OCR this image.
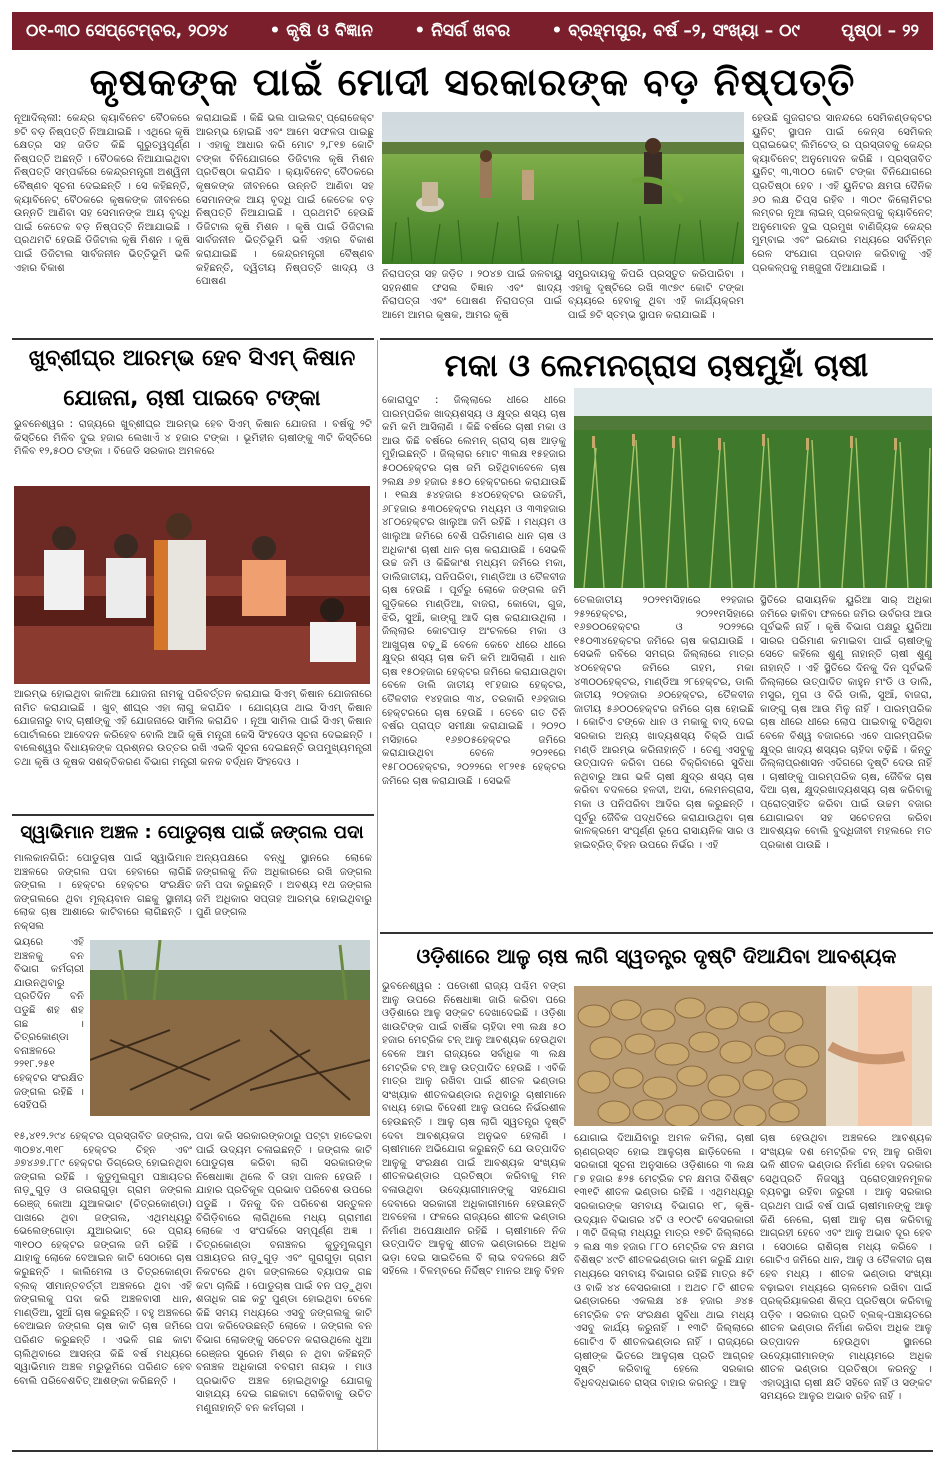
୦୧-୩୦ ସେପ୍ଟେମ୍ବର, ୨୦୨୪ • କୃଷି ଓ ବିଜ୍ଞାନ • ନିସର୍ଗ ଖବର • ବ୍ରହ୍ମପୁର, ବର୍ଷ –୨, ସଂଖ୍ୟା – ୦୯ ପୃଷ୍ଠା – ୨୨
କୃଷକଙ୍କ ପାଇଁ ମୋଦୀ ସରକାରଙ୍କ ବଡ଼ ନିଷ୍ପତ୍ତି

ନୂଆଦିଲ୍ଲୀ: କେନ୍ଦ୍ର କ୍ୟାବିନେଟ ବୈଠକରେ ୭ଟି ବଡ଼ ନିଷ୍ପତ୍ତି ନିଆଯାଇଛି । ଏଥିରେ କୃଷି କ୍ଷେତ୍ର ସହ ଜଡିତ କିଛି ଗୁରୁତ୍ୱପୂର୍ଣ୍ଣ ନିଷ୍ପତ୍ତି ଅଛନ୍ତି । ବୈଠକରେ ନିଆଯାଇଥିବା ନିଷ୍ପତ୍ତି ସମ୍ପର୍କରେ କେନ୍ଦ୍ରମନ୍ତ୍ରୀ ଅଶ୍ୱିନୀ ବୈଷ୍ଣବ ସୂଚନା ଦେଇଛନ୍ତି । ସେ କହିଛନ୍ତି, କ୍ୟାବିନେଟ୍ ବୈଠକରେ କୃଷକଙ୍କ ଜୀବନରେ ଉନ୍ନତି ଆଣିବା ସହ ସେମାନଙ୍କ ଆୟ ବୃଦ୍ଧି ପାଇଁ କେତେକ ବଡ଼ ନିଷ୍ପତ୍ତି ନିଆଯାଇଛି । ପ୍ରଥମଟି ହେଉଛି ଡିଜିଟାଲ କୃଷି ମିଶନ । କୃଷି ପାଇଁ ଡିଜିଟାଲ ସାର୍ବଜନୀନ ଭିତ୍ତିଭୂମି ଭଳି ଏହାର ବିକାଶ

କରାଯାଇଛି । କିଛି ଭଲ ପାଇଲଟ୍ ପ୍ରୋଜେକ୍ଟ ଆରମ୍ଭ ହୋଇଛି ଏବଂ ଆମେ ସଫଳତା ପାଇଛୁ । ଏହାକୁ ଆଧାର କରି ମୋଟ ୨,୮୧୭ କୋଟି ଟଙ୍କା ବିନିଯୋଗରେ ଡିଜିଟାଲ କୃଷି ମିଶନ ପ୍ରତିଷ୍ଠା କରାଯିବ । କ୍ୟାବିନେଟ୍ ବୈଠକରେ କୃଷକଙ୍କ ଜୀବନରେ ଉନ୍ନତି ଆଣିବା ସହ ସେମାନଙ୍କ ଆୟ ବୃଦ୍ଧି ପାଇଁ କେତେକ ବଡ଼ ନିଷ୍ପତ୍ତି ନିଆଯାଇଛି । ପ୍ରଥମଟି ହେଉଛି ଡିଜିଟାଲ କୃଷି ମିଶନ । କୃଷି ପାଇଁ ଡିଜିଟାଲ ସାର୍ବଜନୀନ ଭିତ୍ତିଭୂମି ଭଳି ଏହାର ବିକାଶ କରାଯାଇଛି । କେନ୍ଦ୍ରମନ୍ତ୍ରୀ ବୈଷ୍ଣବ କହିଛନ୍ତି, ଦ୍ୱିତୀୟ ନିଷ୍ପତ୍ତି ଖାଦ୍ୟ ଓ ପୋଷଣ

ନିରାପତ୍ତା ସହ ଜଡ଼ିତ । ୨୦୪୭ ପାଇଁ ଜଳବାୟୁ ସହନଶୀଳ ଫସଲ ବିଜ୍ଞାନ ଏବଂ ଖାଦ୍ୟ ନିରାପତ୍ତା ଏବଂ ପୋଷଣ ନିରାପତ୍ତା ପାଇଁ ଆମେ ଆମର କୃଷକ, ଆମର କୃଷି

ସମ୍ପ୍ରଦାୟକୁ କିପରି ପ୍ରସ୍ତୁତ କରିପାରିବା । ଏହାକୁ ଦୃଷ୍ଟିରେ ରଖି ୩୯୭୯ କୋଟି ଟଙ୍କା ବ୍ୟୟରେ ହେବାକୁ ଥିବା ଏହି କାର୍ଯ୍ୟକ୍ରମ ପାଇଁ ୭ଟି ସ୍ତମ୍ଭ ସ୍ଥାପନ କରାଯାଇଛି ।

ହେଉଛି ଗୁଜରାଟର ସାନନ୍ଦରେ ସେମିକଣ୍ଡକ୍ଟର ୟୁନିଟ୍ ସ୍ଥାପନ ପାଇଁ କେନ୍ସ ସେମିକନ୍ ପ୍ରାଇଭେଟ୍ ଲିମିଟେଡ୍ ର ପ୍ରସ୍ତାବକୁ କେନ୍ଦ୍ର କ୍ୟାବିନେଟ୍ ଅନୁମୋଦନ କରିଛି । ପ୍ରସ୍ତାବିତ ୟୁନିଟ୍ ୩,୩୦୦ କୋଟି ଟଙ୍କା ବିନିଯୋଗରେ ପ୍ରତିଷ୍ଠା ହେବ । ଏହି ୟୁନିଟର କ୍ଷମତା ଦୈନିକ ୬୦ ଲକ୍ଷ ଚିପ୍ସ ରହିବ । ୩୦୯ କିଲୋମିଟର ଲମ୍ବର ନୂଆ ଲାଇନ୍ ପ୍ରକଳ୍ପକୁ କ୍ୟାବିନେଟ୍ ଅନୁମୋଦନ ଦୁଇ ପ୍ରମୁଖ ବାଣିଜ୍ୟିକ କେନ୍ଦ୍ର ମୁମ୍ବାଇ ଏବଂ ଇନ୍ଦୋର ମଧ୍ୟରେ ସର୍ବନିମ୍ନ ରେଳ ସଂଯୋଗ ପ୍ରଦାନ କରିବାକୁ ଏହି ପ୍ରକଳ୍ପକୁ ମଞ୍ଜୁରୀ ଦିଆଯାଇଛି ।

ଖୁବ୍‌ଶୀଘ୍ର ଆରମ୍ଭ ହେବ ସିଏମ୍ କିଷାନ
ଯୋଜନା, ଚାଷୀ ପାଇବେ ଟଙ୍କା

ଭୁବନେଶ୍ୱର : ରାଜ୍ୟରେ ଖୁବ୍‌ଶୀଘ୍ର ଆରମ୍ଭ ହେବ ସିଏମ୍ କିଷାନ ଯୋଜନା । ବର୍ଷକୁ ୨ଟି କିସ୍ତିରେ ମିଳିବ ଦୁଇ ହଜାର ଲେଖାଏଁ ୪ ହଜାର ଟଙ୍କା । ଭୂମିହୀନ ଚାଷୀଙ୍କୁ ୩ଟି କିସ୍ତିରେ ମିଳିବ ୧୨,୫୦୦ ଟଙ୍କା । ବିଜେଡି ସରକାର ଅମଳରେ

ଆରମ୍ଭ ହୋଇଥିବା କାଳିଆ ଯୋଜନା ନାମକୁ ପରିବର୍ତ୍ତନ କରାଯାଇ ସିଏମ୍ କିଷାନ ଯୋଜନାରେ ନାମିତ କରାଯାଇଛି । ଖୁବ୍ ଶୀଘ୍ର ଏହା ଲାଗୁ କରାଯିବ । ଯୋଗ୍ୟତା ଥାଇ ସିଏମ୍ କିଷାନ ଯୋଜନାରୁ ବାଦ୍ ଚାଷୀଙ୍କୁ ଏହି ଯୋଜନାରେ ସାମିଲ କରାଯିବ । ନୂଆ ସାମିଲ ପାଇଁ ସିଏମ୍ କିଷାନ ପୋର୍ଟାଲରେ ଆବେଦନ କରିହେବ ବୋଲି ଆଜି କୃଷି ମନ୍ତ୍ରୀ କେସି ସିଂହଦେଓ ସୂଚନା ଦେଇଛନ୍ତି । ବାଲେଶ୍ୱର ବିଧାୟକଙ୍କ ପ୍ରଶ୍ନର ଉତ୍ତର ରଖି ଏଭଳି ସୂଚନା ଦେଇଛନ୍ତି ଉପମୁଖ୍ୟମନ୍ତ୍ରୀ ତଥା କୃଷି ଓ କୃଷକ ସଶକ୍ତିକରଣ ବିଭାଗ ମନ୍ତ୍ରୀ କନକ ବର୍ଦ୍ଧନ ସିଂହଦେଓ ।

ସ୍ୱାଭିମାନ ଅଞ୍ଚଳ : ପୋଡୁଚାଷ ପାଇଁ ଜଙ୍ଗଲ ପଦା

ମାଲକାନଗିରି: ପୋଡୁଚାଷ ପାଇଁ ସ୍ୱାଭିମାନ ଅଞ୍ଚଳରେ ଜଙ୍ଗଲ ପଦା ହେବାରେ ଲାଗିଛି ଜଙ୍ଗଲ । ହେକ୍ଟର ହେକ୍ଟର ସଂରକ୍ଷିତ ଜଙ୍ଗଲରେ ଥିବା ମୂଲ୍ୟବାନ ଗଛକୁ ସ୍ଥାନୀୟ ଲୋକ ଚାଷ ଆଶାରେ କାଟିବାରେ ଲାଗିଛନ୍ତି । ନକ୍ସଲ

ଅନ୍ୟପକ୍ଷରେ ବନ୍ଧୁ ସ୍ଥାନରେ ଲୋକେ ଜଙ୍ଗଲକୁ ନିଜ ଅଧିକାରରେ ରଖି ଜଙ୍ଗଲ ଜମି ପଦା କରୁଛନ୍ତି । ଅବଶ୍ୟ ୧ଥ ଜଙ୍ଗଲ ଜମି ଅଧିକାର ସପ୍ତାହ ଆରମ୍ଭ ହୋଇଥିବାରୁ ପୁଣି ଜଙ୍ଗଲ

ଭୟରେ ଏହି ଅଞ୍ଚଳକୁ ବନ ବିଭାଗ କର୍ମଚାରୀ ଯାଉନଥିବାରୁ ପ୍ରତିଦିନ ବନି ପଡୁଛି ଶହ ଶହ ଗଛ । ଚିତ୍ରକୋଣ୍ଡା ବନାଞ୍ଚଳରେ ୨୨୧୮.୨୫୧ ହେକ୍ଟର ସଂରକ୍ଷିତ ଜଙ୍ଗଲ ରହିଛି । ସେହିପରି

୧୫,୪୧୨.୨୯୪ ହେକ୍ଟର ପ୍ରସ୍ତାବିତ ଜଙ୍ଗଲ, ୩୦୭୪.୩୧୮ ହେକ୍ଟର ଚିହ୍ନ ଏବଂ ୬୭୪୬୭.୮୮୯ ହେକ୍ଟର ଡିଗ୍ରେଡ୍ ହୋଇନଥିବା ଜଙ୍ଗଲ ରହିଛି । କୁଡୁମୁଲଗୁମ ପଞ୍ଚାୟତର ନାଡ଼ୁଗୁଡ଼ ଓ ଗଉରାଗୁଡ଼ା ଗ୍ରାମ ଜଙ୍ଗଲ ରେଞ୍ଜ୍ କୋଆ ଯୁଆଳଭାଟ (ଚିତ୍ରକୋଣ୍ଡା) ପାଖରେ ଥିବା ଜଙ୍ଗଲ, ଏଥିମଧ୍ୟରୁ ଭେଲେଙ୍ଗୋଡ଼ା ଯୁଆରଭାଟ୍ ରେ ପ୍ରାୟ ୩୧୦୦ ହେକ୍ଟର ଜଙ୍ଗଲ ଜମି ରହିଛି । ଯାହାକୁ ଲୋକେ ବେଆଇନ କାଟି ସେଠାରେ ଚାଷ କରୁଛନ୍ତି । କାଲିମେଳା ଓ ଚିତ୍ରକୋଣ୍ଡା ବ୍ଲକ୍ ସୀମାନ୍ତବର୍ତ୍ତୀ ଅଞ୍ଚଳରେ ଥିବା ଏହି ଜଙ୍ଗଲକୁ ପଦା କରି ଅଞ୍ଚଳବାସୀ ଧାନ, ମାଣ୍ଡିଆ, ସୁଆଁ ଚାଷ କରୁଛନ୍ତି । ବହୁ ଅଞ୍ଚଳରେ ବେଆଇନ ଜଙ୍ଗଲ ଚାଷ କାଟି ଚାଷ ଜମିରେ ପରିଣତ କରୁଛନ୍ତି । ଏଭଳି ଗଛ କାଟା ଚାଲିଥିବାରେ ଆସନ୍ତା କିଛି ବର୍ଷ ମଧ୍ୟରେ ସ୍ୱାଭିମାନ ଅଞ୍ଚଳ ମରୁଭୂମିରେ ପରିଣତ ହେବ ବୋଲି ପରିବେଶବିତ୍ ଆଶଙ୍କା କରିଛନ୍ତି ।

ପଦା କରି ସରକାରଙ୍କଠାରୁ ପଟ୍ଟା ହାତେଇବା ପାଇଁ ଉଦ୍ୟମ ଚଳାଇଛନ୍ତି । ଜଙ୍ଗଲ କାଟି ପୋଡୁଚାଷ କରିବା ଲାଗି ସରକାରଙ୍କ ନିଷେଧାଜ୍ଞା ଥିଲେ ବି ତାହା ପାଳନ ହେଉନି । ଯାହାର ପ୍ରତିକୂଳ ପ୍ରଭାବ ପରିବେଶ ଉପରେ ପଡୁଛି । ଦିନକୁ ଦିନ ପରିବେଶ ସନ୍ତୁଳନ ବିଗିଡ଼ିବାରେ ଲାଗିଥିଲେ ମଧ୍ୟ ଗ୍ରାମୀଣ ଲୋକେ ଏ ସଂପର୍କରେ ସମ୍ପୂର୍ଣ୍ଣ ଅଜ୍ଞ । ଚିତ୍ରକୋଣ୍ଡା ବନାଞ୍ଚଳର କୁଡୁମୁଲଗୁମ ପଞ୍ଚାୟତର ନାଡ଼ୁଗୁଡ଼ ଏବଂ ଗୁରାଗୁଡ଼ା ଗ୍ରାମ ନିକଟରେ ଥିବା ଜଙ୍ଗଲରେ ବ୍ୟାପକ ଗଛ କଟା ଚାଲିଛି । ପୋଡୁଚାଷ ପାଇଁ ବନ ପଡ଼ୁଥିବା ଶତାଧିକ ଗଛ କଟୁ ପୁଣ୍ଡା ହୋଇଥିବା ବେଳେ କିଛି ସମୟ ମଧ୍ୟରେ ଏସବୁ ଜଙ୍ଗଲକୁ କାଟି ପଦା କରିଦେଉଛନ୍ତି ଲୋକେ । ଜଙ୍ଗଲ ବନ ବିଭାଗ ଲୋକଙ୍କୁ ସଚେତନ କରାଉଥିଲେ ଧୁଆ ରେଞ୍ଜର ସୁରେନ ମିଶ୍ର ନ ଥିବା କହିଛନ୍ତି ବନାଞ୍ଚଳ ଅଧିକାରୀ ବବରାମ ନାୟକ । ମାଓ ପ୍ରଭାବିତ ଅଞ୍ଚଳ ହୋଇଥିବାରୁ ଯୋଗକୁ ସାହାଯ୍ୟ ଦେଇ ଗଛକାଟା ରୋକିବାକୁ ଉଚିତ ମଣୁନାହାନ୍ତି ବନ କର୍ମଚାରୀ ।

ମକା ଓ ଲେମନଗ୍ରାସ ଚାଷମୁହାଁ ଚାଷୀ

କୋରାପୁଟ : ଜିଲ୍ଲାରେ ଧୀରେ ଧୀରେ ପାରମ୍ପରିକ ଖାଦ୍ୟଶସ୍ୟ ଓ କ୍ଷୁଦ୍ର ଶସ୍ୟ ଚାଷ କମି କମି ଆସିଲାଣି । କିଛି ବର୍ଷରେ ଚାଷୀ ମକା ଓ ଆଉ କିଛି ବର୍ଷରେ ଲେମନ୍ ଗ୍ରାସ୍ ଚାଷ ଆଡ଼କୁ ମୁହାଁଇଛନ୍ତି । ଜିଲ୍ଲାର ମୋଟ ୩ଲକ୍ଷ ୧୫ହଜାର ୫୦୦ହେକ୍ଟର ଚାଷ ଜମି ରହିଥିବାବେଳେ ଚାଷ ୨ଲକ୍ଷ ୬୭ ହଜାର ୫୫୦ ହେକ୍ଟରରେ କରାଯାଉଛି । ୧ଲକ୍ଷ ୫୪ହଜାର ୫୪୦ହେକ୍ଟର ଉଚ୍ଚଜମି, ୬୮ହଜାର ୫୩୦ହେକ୍ଟର ମଧ୍ୟମ ଓ ୩୩ହଜାର ୪୮୦ହେକ୍ଟର ଖାଲୁଆ ଜମି ରହିଛି । ମଧ୍ୟମ ଓ ଖାଲୁଆ ଜମିରେ ବେଶି ପରିମାଣର ଧାନ ଚାଷ ଓ ଅଧିକାଂଶ ଚାଷୀ ଧାନ ଚାଷ କରାଯାଉଛି । ସେଭଳି ଉଚ୍ଚ ଜମି ଓ କିଛିକାଂଶ ମଧ୍ୟମ ଜମିରେ ମକା, ଡାଲିଜାତୀୟ, ପନିପରିବା, ମାଣ୍ଡିଆ ଓ ତୈଳବୀଜ ଚାଷ ହେଉଛି । ପୂର୍ବରୁ ଲୋକେ ଜଙ୍ଗଲ ଜମି ଗୁଡ଼ିକରେ ମାଣ୍ଡିଆ, ବାଜରା, କୋଦୋ, ଗୁଜ, ଝିରି, ସୁଆଁ, କାଙ୍ଗୁ ଆଦି ଚାଷ କରାଯାଉଥିଲା । ଜିଲ୍ଲାର କୋଟପାଡ଼ ଅଂଚଳରେ ମକା ଓ ଆଖୁଚାଷ ବଢ଼ୁଛି ବେଳେ କେବେ ଧୀରେ ଧୀରେ କ୍ଷୁଦ୍ର ଶସ୍ୟ ଚାଷ କମି କମି ଆସିଲାଣି । ଧାନ ଚାଷ ୧୫୦ହଜାର ହେକ୍ଟର ଜମିରେ କରାଯାଉଥିବା ବେଳେ ଡାଲି ଜାତୀୟ ୧୮ହଜାର ହେକ୍ଟର, ତୈଳବୀଜ ୧୪ହଜାର ୩୪, ତରକାରି ୧୬ହଜାର ହେକ୍ଟରରେ ଚାଷ ହେଉଛି । ତେବେ ଗତ ତିନି ବର୍ଷର ପ୍ରାପ୍ତ ସମୀକ୍ଷା କରାଯାଇଛି । ୨୦୨୦ ମସିହାରେ ୧୬୭୦୫ହେକ୍ଟର ଜମିରେ କରାଯାଉଥିବା ବେଳେ ୨୦୨୧ରେ ୧୫୮୦୦ହେକ୍ଟର, ୨୦୨୨ରେ ୧୮୨୧୫ ହେକ୍ଟର ଜମିରେ ଚାଷ କରାଯାଉଛି । ସେଭଳି

ତେଲଜାତୀୟ ୨୦୨୧ମସିହାରେ ୧୨ହଜାର ୨୫୨ହେକ୍ଟର, ୨୦୨୧ମସିହାରେ ୧୬୭୦୦ହେକ୍ଟର ଓ ୨୦୨୨ରେ ୧୫୦୩୪ହେକ୍ଟର ଜମିରେ ଚାଷ କରାଯାଉଛି । ସେଭଳି ରବିରେ ସମଗ୍ର ଜିଲ୍ଲାରେ ମାତ୍ର ୪୦ହେକ୍ଟର ଜମିରେ ଗହମ, ମକା ୪୩୦୦ହେକ୍ଟର, ମାଣ୍ଡିଆ ୨୮ହେକ୍ଟର, ଡାଲି ଜାତୀୟ ୨୦ହଜାର ୬୦ହେକ୍ଟର, ତୈଳବୀଜ ଜାତୀୟ ୫୬୦୦ହେକ୍ଟର ଜମିରେ ଚାଷ ହୋଇଛି । କୋଟିଏ ଟଙ୍କେ ଧାନ ଓ ମକାକୁ ବାଦ୍ ଦେଇ ସରକାର ଅନ୍ୟ ଖାଦ୍ୟଶସ୍ୟ ବିକ୍ରି ପାଇଁ ମଣ୍ଡି ଆରମ୍ଭ କରିନାହାନ୍ତି । ତେଣୁ ଏସବୁକୁ ଉତ୍ପାଦନ କରିବା ପରେ ବିକ୍ରିବାରେ ସୁବିଧା ନଥିବାରୁ ଆଗ ଭଳି ଚାଷୀ କ୍ଷୁଦ୍ର ଶସ୍ୟ ଚାଷ କରିବା ବଦଳରେ ହଳଦୀ, ଅଦା, ଲେମନଗ୍ରାସ, ମକା ଓ ପନିପରିବା ଆଦିର ଚାଷ କରୁଛନ୍ତି । ପୂର୍ବରୁ ଜୈବିକ ପଦ୍ଧତିରେ କରାଯାଉଥିବା ଚାଷ କାଳକ୍ରମେ ସଂପୂର୍ଣ୍ଣ ରୂପେ ରାସାୟନିକ ସାର ଓ ହାଇବ୍ରିଡ୍ ବିହନ ଉପରେ ନିର୍ଭର । ଏହି

ସ୍ଥିତିରେ ରାସାୟନିକ ୟୁରିଆ ସାର୍ ଅଧିକା ଜମିରେ ଢାଳିବା ଫଳରେ ଜମିର ଉର୍ବରତା ଆଉ ପୂର୍ବଭଳି ନାହିଁ । କୃଷି ବିଭାଗ ପକ୍ଷରୁ ୟୁରିଆ ସାରର ପରିମାଣ କମାଇବା ପାଇଁ ଚାଷୀଙ୍କୁ ସେତେ କହିଲେ ଶୁଣୁ ନାହାନ୍ତି ଚାଷୀ ଶୁଣୁ ନାହାନ୍ତି । ଏହି ସ୍ଥିତିରେ ଦିନକୁ ଦିନ ପୂର୍ବଭଳି ଜିଲ୍ଲାରେ ଉତ୍ପାଦିତ କାହୁନ ମଂଡି ଓ ଡାଲି, ମସୁର, ମୁଗ ଓ ବିରି ଡାଲି, ସୁଆଁ, ବାଜରା, କାଙ୍ଗୁ ଚାଷ ଆଉ ମିଳୁ ନାହିଁ । ପାରମ୍ପରିକ ଚାଷ ଧୀରେ ଧୀରେ ଲୋପ ପାଇବାକୁ ବସିଥିବା ବେଳେ ବିଶ୍ୱ ବଜାରରେ ଏବେ ପାରମ୍ପରିକ କ୍ଷୁଦ୍ର ଖାଦ୍ୟ ଶସ୍ୟର ଚାହିଦା ବଢ଼ିଛି । କିନ୍ତୁ ଜିଲ୍ଲାପ୍ରଶାସନ ଏଦିଗରେ ଦୃଷ୍ଟି ଦେଉ ନାହିଁ । ଚାଷୀଙ୍କୁ ପାରମ୍ପରିକ ଚାଷ, ଜୈବିକ ଚାଷ ଦିଆ ଚାଷ, କ୍ଷୁଦ୍ରଖାଦ୍ୟଶସ୍ୟ ଚାଷ କରିବାକୁ ପ୍ରୋତ୍ସାହିତ କରିବା ପାଇଁ ଉଚ୍ଚମ ବଜାର ଯୋଗାଇବା ସହ ସଚେତନତା କରିବା ଆବଶ୍ୟକ ବୋଲି ବୁଦ୍ଧିଜୀବୀ ମହଲରେ ମତ ପ୍ରକାଶ ପାଉଛି ।

ଓଡ଼ିଶାରେ ଆଳୁ ଚାଷ ଲାଗି ସ୍ୱତନ୍ତ୍ର ଦୃଷ୍ଟି ଦିଆଯିବା ଆବଶ୍ୟକ

ଭୁବନେଶ୍ୱର : ପଡୋଶୀ ରାଜ୍ୟ ପଶ୍ଚିମ ବଙ୍ଗ ଆଳୁ ଉପରେ ନିଷେଧାଜ୍ଞା ଜାରି କରିବା ପରେ ଓଡ଼ିଶାରେ ଆଳୁ ସଙ୍କଟ ଦେଖାଦେଇଛି । ଓଡ଼ିଶା ଖାଉଟିଙ୍କ ପାଇଁ ବାର୍ଷିକ ଚାହିଦା ୧୩ ଲକ୍ଷ ୫୦ ହଜାର ମେଟ୍ରିକ ଟନ୍ ଆଳୁ ଆବଶ୍ୟକ ହେଉଥିବା ବେଳେ ଆମ ରାଜ୍ୟରେ ସର୍ବାଧିକ ୩ ଲକ୍ଷ ମେଟ୍ରିକ ଟନ୍ ଆଳୁ ଉତ୍ପାଦିତ ହେଉଛି । ଏବିକି ମାତ୍ର ଆଳୁ ରଖିବା ପାଇଁ ଶୀତଳ ଭଣ୍ଡାର ସଂଖ୍ୟାକ ଶୀତଳଭଣ୍ଡାର ନଥିବାରୁ ଚାଷୀମାନେ ବାଧ୍ୟ ହୋଇ ବିଦେଶୀ ଆଳୁ ଉପରେ ନିର୍ଭରଶୀଳ ହେଉଛନ୍ତି । ଆଳୁ ଚାଷ ଲାଗି ସ୍ୱତନ୍ତ୍ର ଦୃଷ୍ଟି ଦେବା ଆବଶ୍ୟକତା ଅନୁଭବ ହେଲାଣି । ଚାଷୀମାନେ ଅଭିଯୋଗ କରୁଛନ୍ତି ଯେ ଉତ୍ପାଦିତ ଆଳୁକୁ ସଂରକ୍ଷଣ ପାଇଁ ଆବଶ୍ୟକ ସଂଖ୍ୟକ ଶୀତଳଭଣ୍ଡାର ପ୍ରତିଷ୍ଠା କରିବାକୁ ମନ ବଳାଉଥିବା ଉଦ୍ୟୋଗୀମାନଙ୍କୁ ସହଯୋଗ ଦେବାରେ ସରକାରୀ ଅଧିକାରୀମାନେ ହେଉଛନ୍ତି ଅବହେଳା । ଫଳରେ ରାଜ୍ୟରେ ଶୀତଳ ଭଣ୍ଡାର ନିର୍ମାଣ ଅପେକ୍ଷାଧୀନ ରହିଛି । ଚାଷୀମାନେ ନିଜ ଉତ୍ପାଦିତ ଆଳୁକୁ ଶୀତଳ ଭଣ୍ଡାରରେ ଅଧିକ ଭଡ଼ା ଦେଇ ସାଇତିଲେ ବି ଲାଭ ବଦଳରେ କ୍ଷତି ସହିଲେ । ବିଳମ୍ବରେ ନିର୍ଦ୍ଦିଷ୍ଟ ମାନର ଆଳୁ ବିହନ

ଯୋଗାଇ ଦିଆଯିବାରୁ ଅମଳ କମିଲା, ଚାଷୀ ଋଣଗ୍ରସ୍ତ ହୋଇ ଆଳୁଚାଷ ଛାଡ଼ିଦେଲେ । ସରକାରୀ ସୂଚନା ଅନୁସାରେ ଓଡ଼ିଶାରେ ୩ ଲକ୍ଷ ୮୭ ହଜାର ୫୨୫ ମେଟ୍ରିକ ଟନ କ୍ଷମତା ବିଶିଷ୍ଟ ୧୩୧ଟି ଶୀତଳ ଭଣ୍ଡାର ରହିଛି । ଏଥିମଧ୍ୟରୁ ସରକାରଙ୍କ ସମବାୟ ବିଭାଗର ୧୮, କୃଷି-ଉଦ୍ୟାନ ବିଭାଗର ୪ଟି ଓ ୧୦୯ଟି ବେସରକାରୀ । ୩ଟି ଜିଲ୍ଲା ମଧ୍ୟରୁ ମାତ୍ର ୧୭ଟି ଜିଲ୍ଲାରେ ୨ ଲକ୍ଷ ୩୭ ହଜାର ୮୮୦ ମେଟ୍ରିକ ଟନ କ୍ଷମତା ବିଶିଷ୍ଟ ୪୯ଟି ଶୀତଳଭଣ୍ଡାର କାମ କରୁଛି ଯାହା ମଧ୍ୟରେ ସମବାୟ ବିଭାଗର ରହିଛି ମାତ୍ର ୫ଟି ଓ ବାକି ୪୪ ବେସରକାରୀ । ଅଥଚ ୮ଟି ଶୀତଳ ଭଣ୍ଡାରରେ ଏକଲକ୍ଷ ୪୫ ହଜାର ୬୪୫ ମେଟ୍ରିକ ଟନ ସଂରକ୍ଷଣ ସୁବିଧା ଥାଇ ମଧ୍ୟ ଏସବୁ କାର୍ଯ୍ୟ କରୁନାହିଁ । ୧୩ଟି ଜିଲ୍ଲାରେ ଗୋଟିଏ ବି ଶୀତଳଭଣ୍ଡାର ନାହିଁ । ରାଜ୍ୟରେ ଚାଷୀଙ୍କ ଭିତରେ ଆଳୁଚାଷ ପ୍ରତି ଆଗ୍ରହ ସୃଷ୍ଟି କରିବାକୁ ହେଲେ ସରକାର ବିଧିବଦ୍ଧଭାବେ ରାସ୍ତା ବାହାର କରନ୍ତୁ । ଆଳୁ

ଚାଷ ହେଉଥିବା ଅଞ୍ଚଳରେ ଆବଶ୍ୟକ ସଂଖ୍ୟକ ଦଶ ମେଟ୍ରିକ ଟନ୍ ଆଳୁ ରଖିବା ଭଳି ଶୀତଳ ଭଣ୍ଡାର ନିର୍ମାଣ ହେବା ଦରକାର ସେଥିପ୍ରତି ନିଜସ୍ୱ ପ୍ରୋତ୍ସାହନମୂଳକ ବ୍ୟବସ୍ଥା ରହିବା ଜରୁରୀ । ଆଳୁ ସରକାର ପ୍ରଥମ ପାଇଁ ବର୍ଷ ପାଇଁ ଚାଷୀମାନଙ୍କୁ ଆଳୁ କିଣି ନେଲେ, ଚାଷୀ ଆଳୁ ଚାଷ କରିବାକୁ ଆଗ୍ରହୀ ହେବେ ଏବଂ ଆଳୁ ଅଭାବ ଦୂର ହେବ । ସେଠାରେ ରାଶିଚାଷ ମଧ୍ୟ କରିବେ । ଗୋଟିଏ ଜମିରେ ଧାନ, ଆଳୁ ଓ ତୈଳବୀଜ ଚାଷ ହେବ ମଧ୍ୟ । ଶୀତଳ ଭଣ୍ଡାର ସଂଖ୍ୟା ବଢ଼ାଇବା ମଧ୍ୟରେ ଚାଳମେଳ ରଖିବା ପାଇଁ ପ୍ରକ୍ରିୟାକରଣ ଶିଳ୍ପ ପ୍ରତିଷ୍ଠା କରିବାକୁ ପଡ଼ିବ । ସରକାର ପ୍ରତି ବ୍ଲକ୍-ପଞ୍ଚାୟତରେ ଶୀତଳ ଭଣ୍ଡାର ନିର୍ମାଣ କରିବା ଅଧିକ ଆଳୁ ଉତ୍ପାଦନ ହେଉଥିବା ସ୍ଥାନରେ ଉଦ୍ୟୋଗୀମାନଙ୍କ ମାଧ୍ୟମରେ ଅଧିକ ଶୀତଳ ଭଣ୍ଡାର ପ୍ରତିଷ୍ଠା କରନ୍ତୁ । ଏହାଦ୍ୱାରା ଚାଷୀ କ୍ଷତି ସହିବେ ନାହିଁ ଓ ସଙ୍କଟ ସମୟରେ ଆଳୁର ଅଭାବ ରହିବ ନାହିଁ ।
